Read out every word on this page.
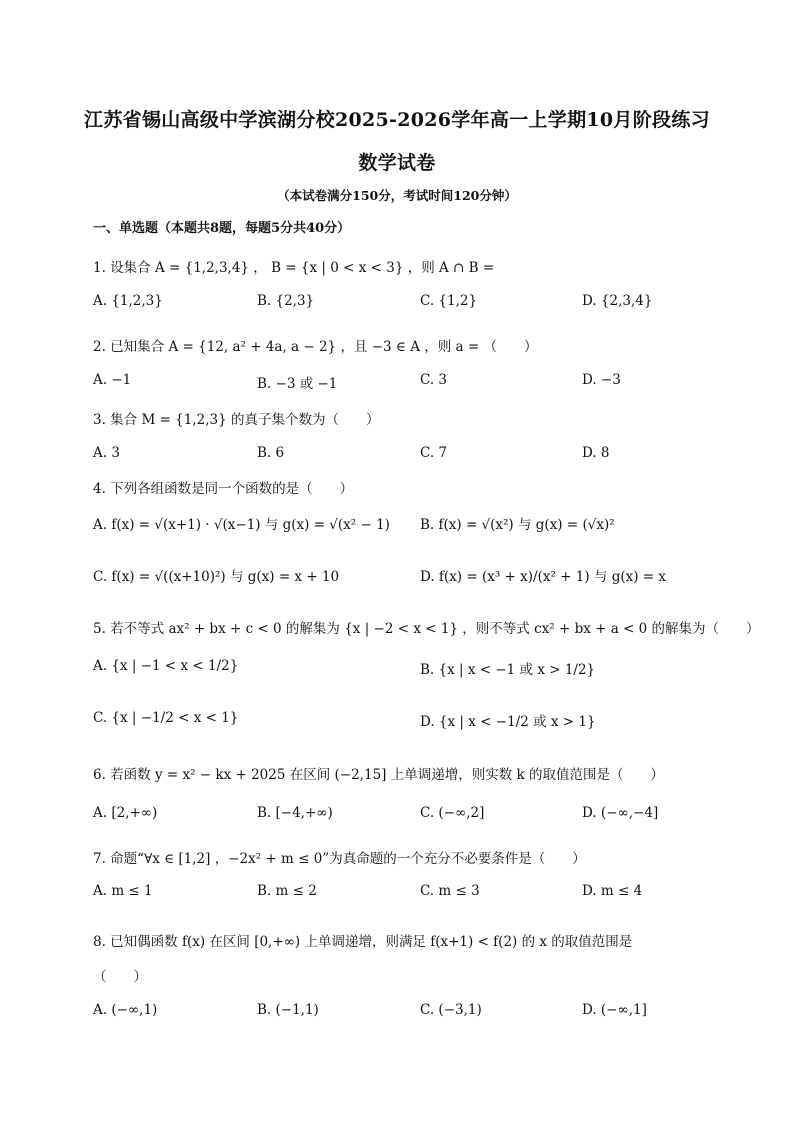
江苏省锡山高级中学滨湖分校2025-2026学年高一上学期10月阶段练习
数学试卷
（本试卷满分150分，考试时间120分钟）
一、单选题（本题共8题，每题5分共40分）
1. 设集合 A = {1,2,3,4} ， B = {x | 0 < x < 3} ，则 A ∩ B =
A. {1,2,3}	B. {2,3}	C. {1,2}	D. {2,3,4}
2. 已知集合 A = {12, a² + 4a, a − 2} ，且 −3 ∈ A ，则 a = （　　）
A. −1	B. −3 或 −1	C. 3	D. −3
3. 集合 M = {1,2,3} 的真子集个数为（　　）
A. 3	B. 6	C. 7	D. 8
4. 下列各组函数是同一个函数的是（　　）
A. f(x) = √(x+1) · √(x−1) 与 g(x) = √(x² − 1) B. f(x) = √(x²) 与 g(x) = (√x)²
C. f(x) = √((x+10)²) 与 g(x) = x + 10	D. f(x) = (x³ + x)/(x² + 1) 与 g(x) = x
5. 若不等式 ax² + bx + c < 0 的解集为 {x | −2 < x < 1} ，则不等式 cx² + bx + a < 0 的解集为（　　）
A. {x | −1 < x < 1/2}	B. {x | x < −1 或 x > 1/2}
C. {x | −1/2 < x < 1}	D. {x | x < −1/2 或 x > 1}
6. 若函数 y = x² − kx + 2025 在区间 (−2,15] 上单调递增，则实数 k 的取值范围是（　　）
A. [2,+∞)	B. [−4,+∞)	C. (−∞,2]	D. (−∞,−4]
7. 命题“∀x ∈ [1,2] ，−2x² + m ≤ 0”为真命题的一个充分不必要条件是（　　）
A. m ≤ 1	B. m ≤ 2	C. m ≤ 3	D. m ≤ 4
8. 已知偶函数 f(x) 在区间 [0,+∞) 上单调递增，则满足 f(x+1) < f(2) 的 x 的取值范围是
（　　）
A. (−∞,1)	B. (−1,1)	C. (−3,1)	D. (−∞,1]
